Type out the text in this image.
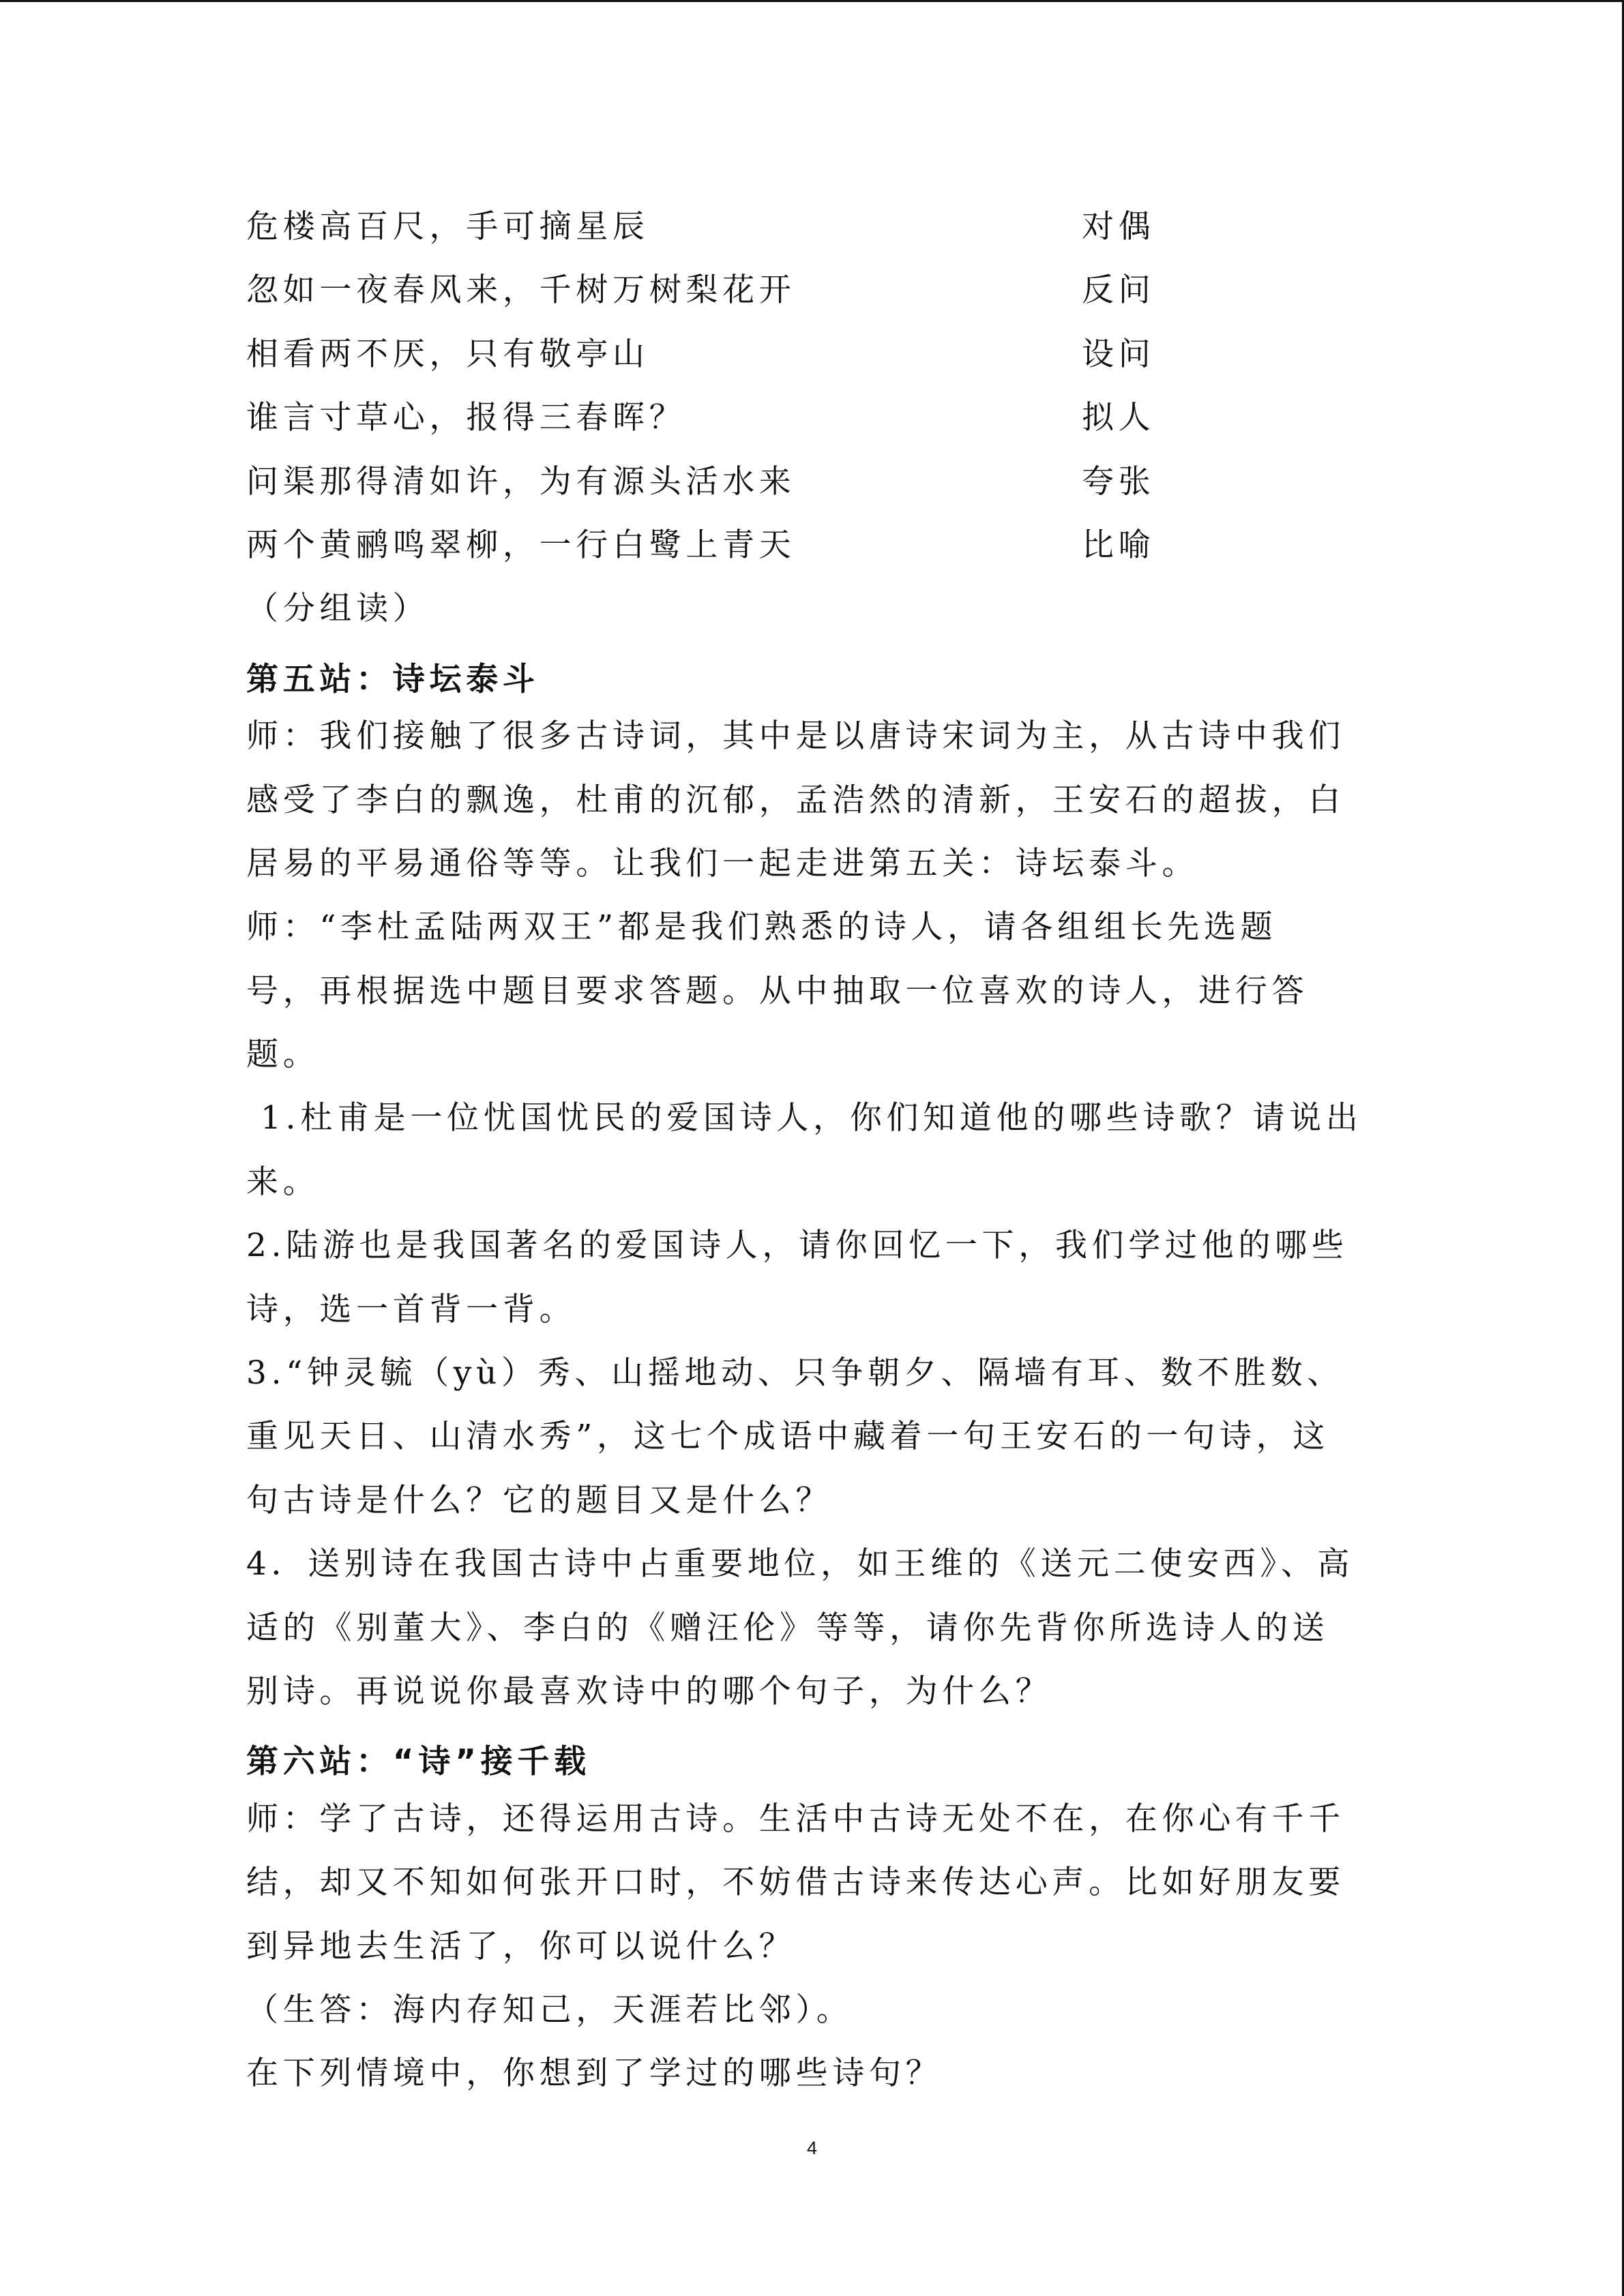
危楼高百尺，手可摘星辰	对偶
忽如一夜春风来，千树万树梨花开	反问
相看两不厌，只有敬亭山	设问
谁言寸草心，报得三春晖？	拟人
问渠那得清如许，为有源头活水来	夸张
两个黄鹂鸣翠柳，一行白鹭上青天	比喻
（分组读）
第五站：诗坛泰斗
师：我们接触了很多古诗词，其中是以唐诗宋词为主，从古诗中我们
感受了李白的飘逸，杜甫的沉郁，孟浩然的清新，王安石的超拔，白
居易的平易通俗等等。让我们一起走进第五关：诗坛泰斗。
师：“李杜孟陆两双王”都是我们熟悉的诗人，请各组组长先选题
号，再根据选中题目要求答题。从中抽取一位喜欢的诗人，进行答
题。
1.杜甫是一位忧国忧民的爱国诗人，你们知道他的哪些诗歌？请说出
来。
2.陆游也是我国著名的爱国诗人，请你回忆一下，我们学过他的哪些
诗，选一首背一背。
3.“钟灵毓（yù）秀、山摇地动、只争朝夕、隔墙有耳、数不胜数、
重见天日、山清水秀”，这七个成语中藏着一句王安石的一句诗，这
句古诗是什么？它的题目又是什么？
4．送别诗在我国古诗中占重要地位，如王维的《送元二使安西》、高
适的《别董大》、李白的《赠汪伦》等等，请你先背你所选诗人的送
别诗。再说说你最喜欢诗中的哪个句子，为什么？
第六站：“诗”接千载
师：学了古诗，还得运用古诗。生活中古诗无处不在，在你心有千千
结，却又不知如何张开口时，不妨借古诗来传达心声。比如好朋友要
到异地去生活了，你可以说什么？
（生答：海内存知己，天涯若比邻）。
在下列情境中，你想到了学过的哪些诗句？
4
